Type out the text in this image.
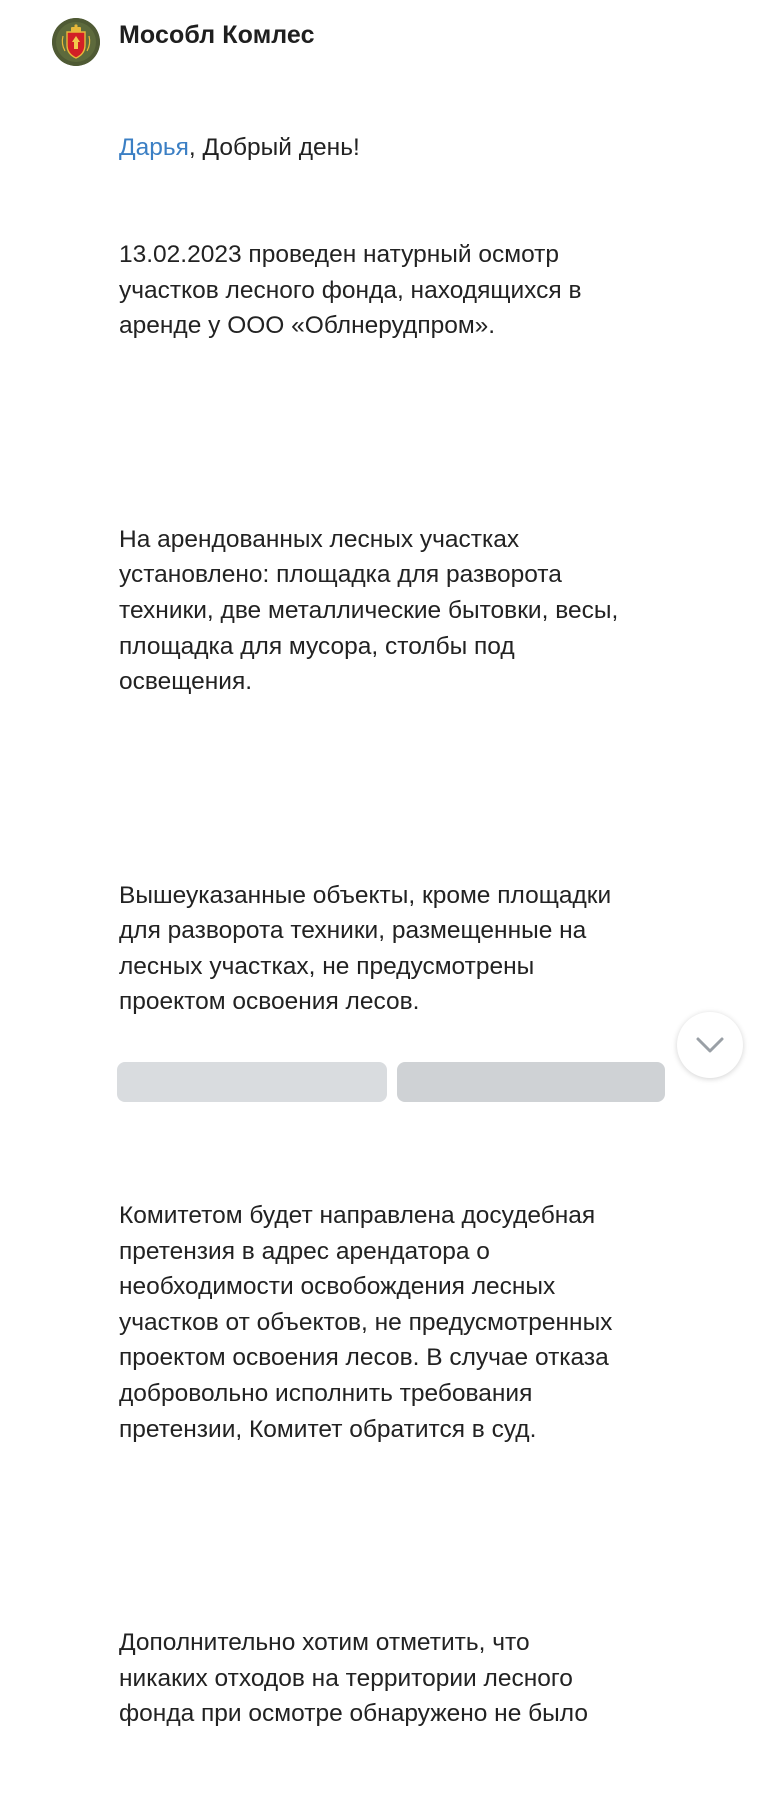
Мособл Комлес

Дарья, Добрый день!

13.02.2023 проведен натурный осмотр
участков лесного фонда, находящихся в
аренде у ООО «Облнерудпром».

На арендованных лесных участках
установлено: площадка для разворота
техники, две металлические бытовки, весы,
площадка для мусора, столбы под
освещения.

Вышеуказанные объекты, кроме площадки
для разворота техники, размещенные на
лесных участках, не предусмотрены
проектом освоения лесов.

Комитетом будет направлена досудебная
претензия в адрес арендатора о
необходимости освобождения лесных
участков от объектов, не предусмотренных
проектом освоения лесов. В случае отказа
добровольно исполнить требования
претензии, Комитет обратится в суд.

Дополнительно хотим отметить, что
никаких отходов на территории лесного
фонда при осмотре обнаружено не было
